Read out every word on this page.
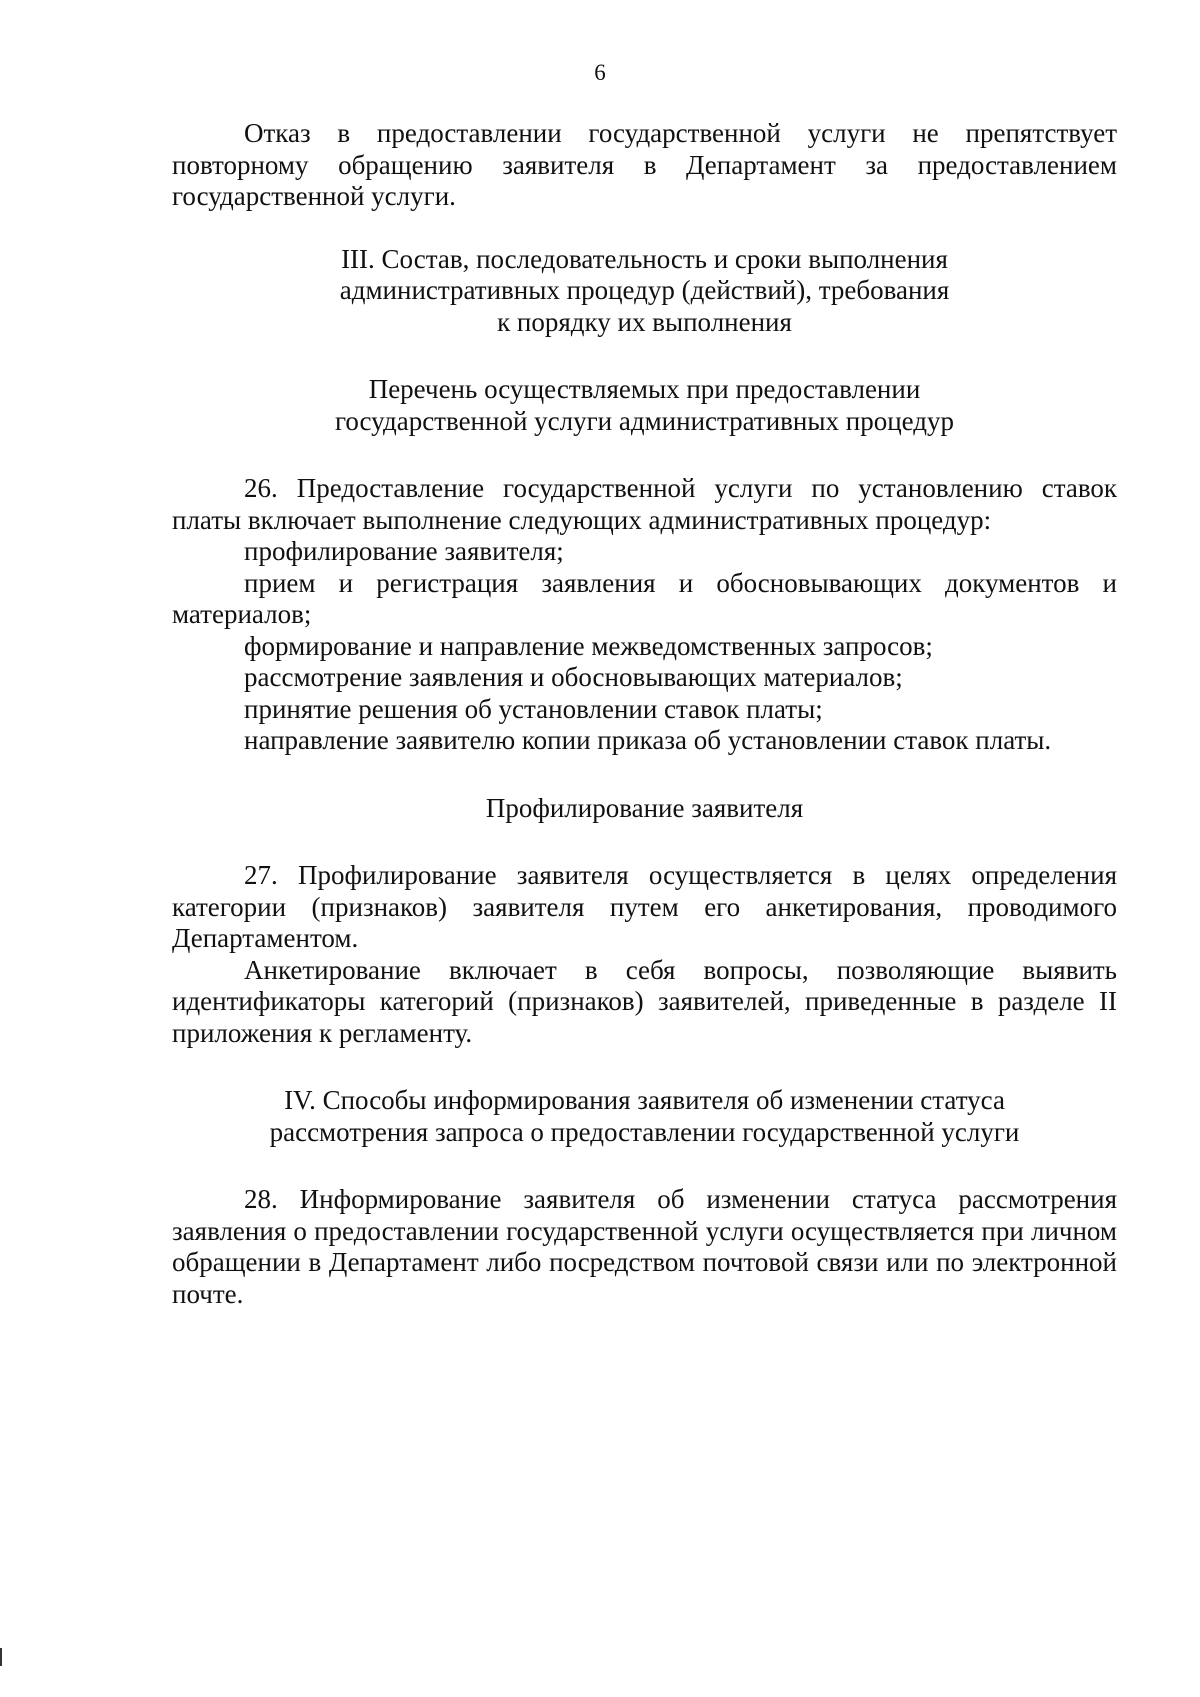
6

Отказ в предоставлении государственной услуги не препятствует повторному обращению заявителя в Департамент за предоставлением государственной услуги.

III. Состав, последовательность и сроки выполнения
административных процедур (действий), требования
к порядку их выполнения
Перечень осуществляемых при предоставлении
государственной услуги административных процедур

26. Предоставление государственной услуги по установлению ставок платы включает выполнение следующих административных процедур:

профилирование заявителя;

прием и регистрация заявления и обосновывающих документов и материалов;

формирование и направление межведомственных запросов;

рассмотрение заявления и обосновывающих материалов;

принятие решения об установлении ставок платы;

направление заявителю копии приказа об установлении ставок платы.

Профилирование заявителя

27. Профилирование заявителя осуществляется в целях определения категории (признаков) заявителя путем его анкетирования, проводимого Департаментом.

Анкетирование включает в себя вопросы, позволяющие выявить идентификаторы категорий (признаков) заявителей, приведенные в разделе II приложения к регламенту.

IV. Способы информирования заявителя об изменении статуса
рассмотрения запроса о предоставлении государственной услуги

28. Информирование заявителя об изменении статуса рассмотрения заявления о предоставлении государственной услуги осуществляется при личном обращении в Департамент либо посредством почтовой связи или по электронной почте.
